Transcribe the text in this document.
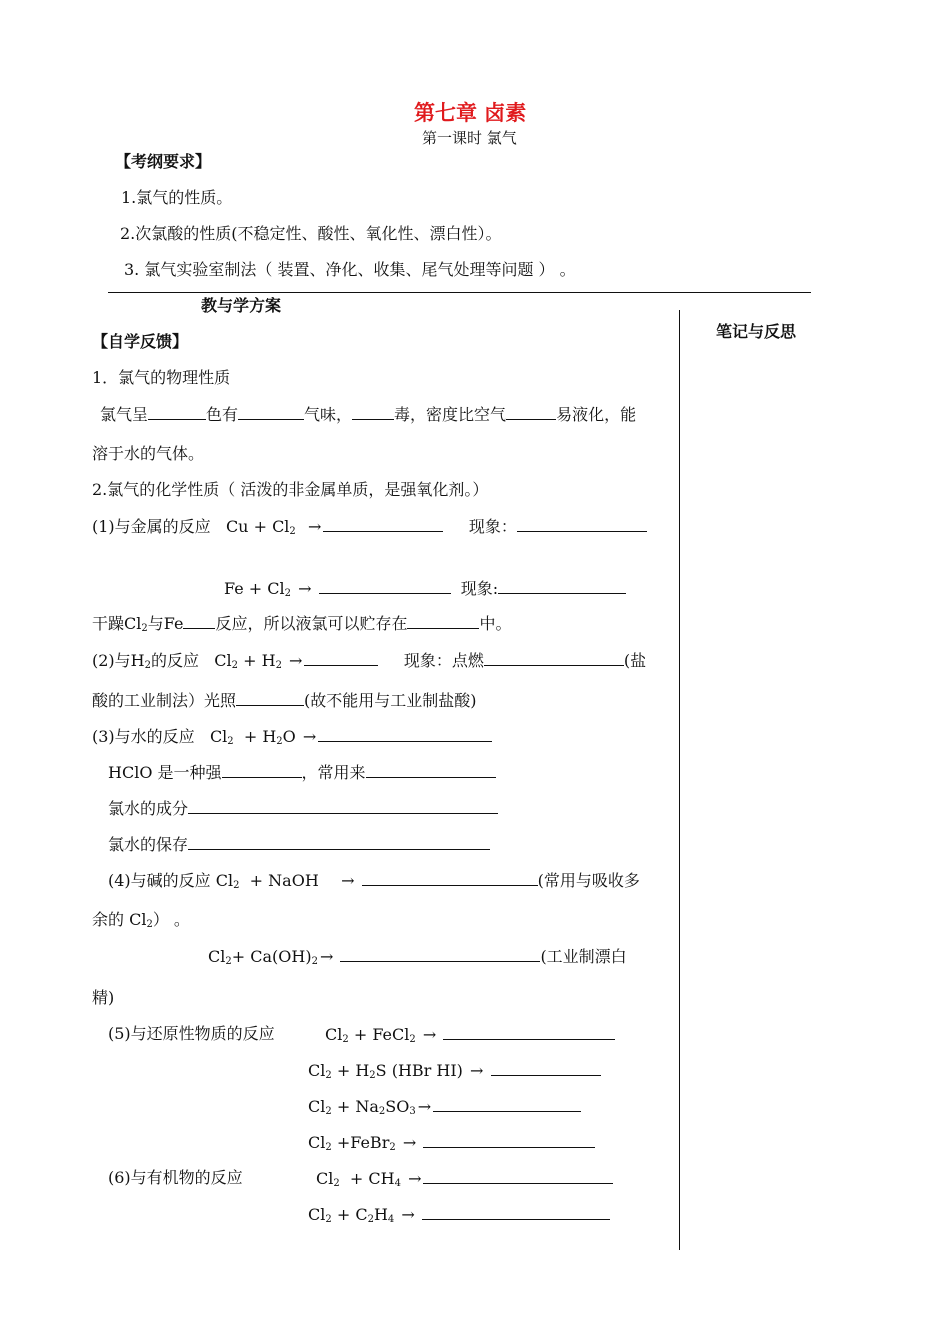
第七章 卤素
第一课时 氯气
【考纲要求】
1.氯气的性质。
2.次氯酸的性质(不稳定性、酸性、氧化性、漂白性）。
3. 氯气实验室制法（ 装置、净化、收集、尾气处理等问题 ） 。
教与学方案
笔记与反思
【自学反馈】
1．氯气的物理性质
氯气呈	色有	气味，	毒，密度比空气	易液化，能
溶于水的气体。
2.氯气的化学性质（ 活泼的非金属单质，是强氧化剂。）
(1)与金属的反应 $Cu + Cl_2$ →	现象：
$Fe + Cl_2$ →	现象:
干躁$Cl_2$与Fe 反应，所以液氯可以贮存在	中。
(2)与$H_2$的反应 $Cl_2 + H_2$ →	现象：点燃	(盐
酸的工业制法）光照	(故不能用与工业制盐酸)
(3)与水的反应 $Cl_2 + H_2O$ →
HClO 是一种强	，常用来
氯水的成分
氯水的保存
(4)与碱的反应 $Cl_2$ + NaOH →	(常用与吸收多
余的 $Cl_2$） 。
$Cl_2+ Ca(OH)_2$ →	(工业制漂白
精)
(5)与还原性物质的反应	$Cl_2$ + FeCl$_2$ →
$Cl_2 + H_2S$ (HBr HI) →
$Cl_2 + Na_2SO_3$ →
$Cl_2$ +FeBr$_2$ →
(6)与有机物的反应	$Cl_2 + CH_4$ →
$Cl_2 + C_2H_4$ →
